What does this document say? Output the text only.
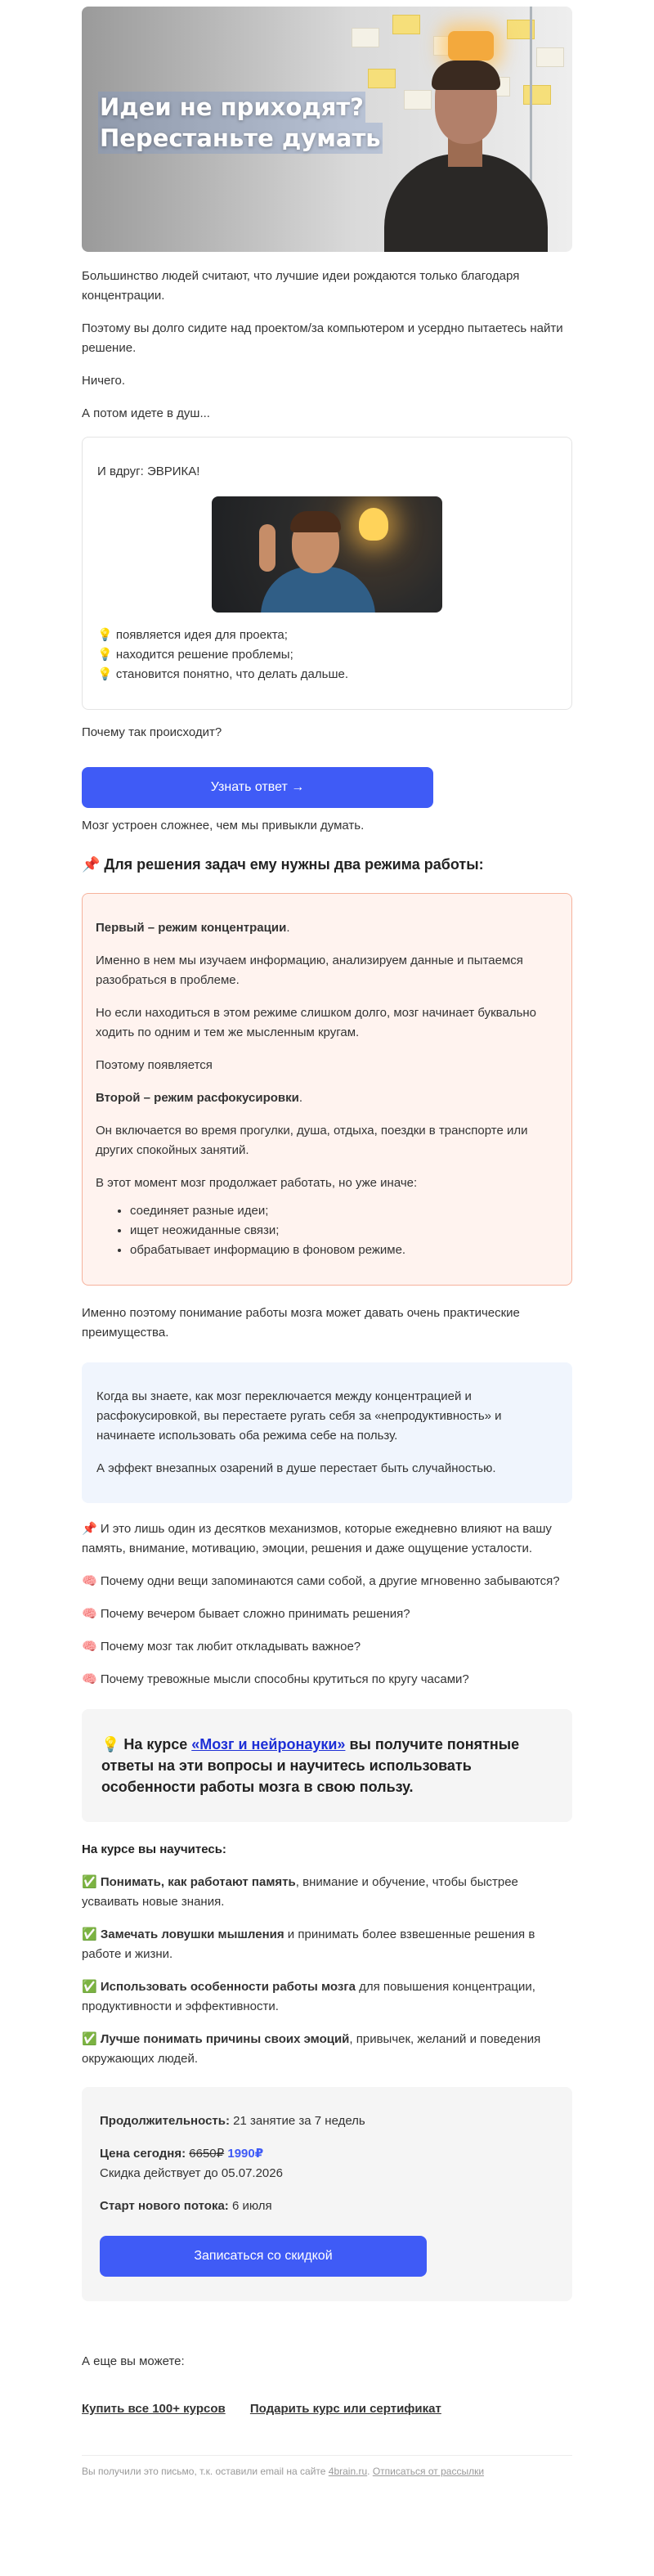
Идеи не приходят?
Перестаньте думать

Большинство людей считают, что лучшие идеи рождаются только благодаря концентрации.

Поэтому вы долго сидите над проектом/за компьютером и усердно пытаетесь найти решение.

Ничего.

А потом идете в душ...

И вдруг: ЭВРИКА!
💡 появляется идея для проекта;
💡 находится решение проблемы;
💡 становится понятно, что делать дальше.

Почему так происходит?

Узнать ответ →

Мозг устроен сложнее, чем мы привыкли думать.

📌 Для решения задач ему нужны два режима работы:

Первый – режим концентрации.

Именно в нем мы изучаем информацию, анализируем данные и пытаемся разобраться в проблеме.

Но если находиться в этом режиме слишком долго, мозг начинает буквально ходить по одним и тем же мысленным кругам.

Поэтому появляется

Второй – режим расфокусировки.

Он включается во время прогулки, душа, отдыха, поездки в транспорте или других спокойных занятий.

В этот момент мозг продолжает работать, но уже иначе:

• соединяет разные идеи;
• ищет неожиданные связи;
• обрабатывает информацию в фоновом режиме.

Именно поэтому понимание работы мозга может давать очень практические преимущества.

Когда вы знаете, как мозг переключается между концентрацией и расфокусировкой, вы перестаете ругать себя за «непродуктивность» и начинаете использовать оба режима себе на пользу.

А эффект внезапных озарений в душе перестает быть случайностью.

📌 И это лишь один из десятков механизмов, которые ежедневно влияют на вашу память, внимание, мотивацию, эмоции, решения и даже ощущение усталости.

🧠 Почему одни вещи запоминаются сами собой, а другие мгновенно забываются?

🧠 Почему вечером бывает сложно принимать решения?

🧠 Почему мозг так любит откладывать важное?

🧠 Почему тревожные мысли способны крутиться по кругу часами?

💡 На курсе «Мозг и нейронауки» вы получите понятные ответы на эти вопросы и научитесь использовать особенности работы мозга в свою пользу.
На курсе вы научитесь:

✅ Понимать, как работают память, внимание и обучение, чтобы быстрее усваивать новые знания.

✅ Замечать ловушки мышления и принимать более взвешенные решения в работе и жизни.

✅ Использовать особенности работы мозга для повышения концентрации, продуктивности и эффективности.

✅ Лучше понимать причины своих эмоций, привычек, желаний и поведения окружающих людей.

Продолжительность: 21 занятие за 7 недель

Цена сегодня: 6650₽ 1990₽
Скидка действует до 05.07.2026

Старт нового потока: 6 июля

Записаться со скидкой

А еще вы можете:

Купить все 100+ курсов Подарить курс или сертификат
Вы получили это письмо, т.к. оставили email на сайте 4brain.ru. Отписаться от рассылки
